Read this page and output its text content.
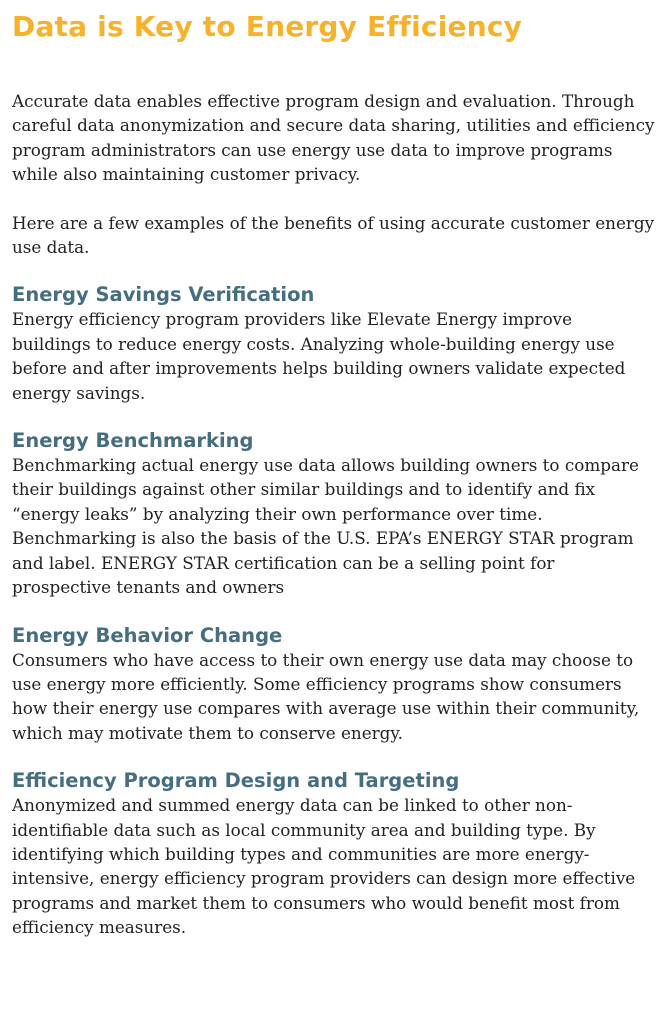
Data is Key to Energy Efficiency

Accurate data enables effective program design and evaluation. Through careful data anonymization and secure data sharing, utilities and efficiency program administrators can use energy use data to improve programs while also maintaining customer privacy.

Here are a few examples of the benefits of using accurate customer energy use data.

Energy Savings Verification

Energy efficiency program providers like Elevate Energy improve buildings to reduce energy costs. Analyzing whole-building energy use before and after improvements helps building owners validate expected energy savings.

Energy Benchmarking

Benchmarking actual energy use data allows building owners to compare their buildings against other similar buildings and to identify and fix “energy leaks” by analyzing their own performance over time. Benchmarking is also the basis of the U.S. EPA’s ENERGY STAR program and label. ENERGY STAR certification can be a selling point for prospective tenants and owners

Energy Behavior Change

Consumers who have access to their own energy use data may choose to use energy more efficiently. Some efficiency programs show consumers how their energy use compares with average use within their community, which may motivate them to conserve energy.

Efficiency Program Design and Targeting

Anonymized and summed energy data can be linked to other non-identifiable data such as local community area and building type. By identifying which building types and communities are more energy-intensive, energy efficiency program providers can design more effective programs and market them to consumers who would benefit most from efficiency measures.
